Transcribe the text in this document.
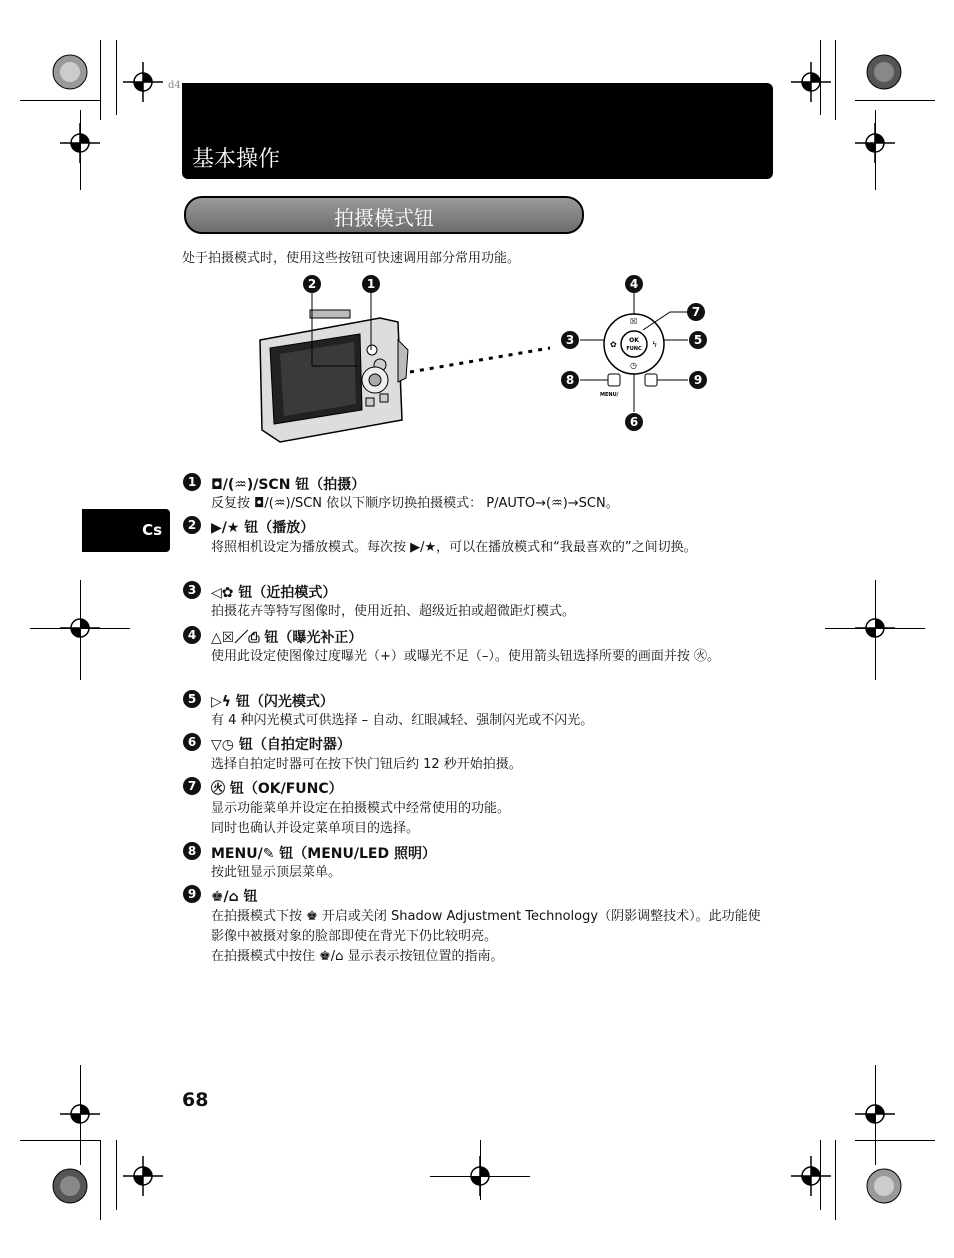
d4
基本操作
拍摄模式钮
处于拍摄模式时，使用这些按钮可快速调用部分常用功能。
OK
FUNC
☒
✿	ϟ
◷
MENU/
2	1	4
7
3	5
8	9
6
Cs
1	◘/(♒)/SCN 钮（拍摄）
反复按 ◘/(♒)/SCN 依以下顺序切换拍摄模式： P/AUTO→(♒)→SCN。
2	▶/★ 钮（播放）
将照相机设定为播放模式。每次按 ▶/★，可以在播放模式和“我最喜欢的”之间切换。
3	◁✿ 钮（近拍模式）
拍摄花卉等特写图像时，使用近拍、超级近拍或超微距灯模式。
4	△☒／⎙ 钮（曝光补正）
使用此设定使图像过度曝光（+）或曝光不足（–）。使用箭头钮选择所要的画面并按 ㊋。
5	▷ϟ 钮（闪光模式）
有 4 种闪光模式可供选择 – 自动、红眼减轻、强制闪光或不闪光。
6	▽◷ 钮（自拍定时器）
选择自拍定时器可在按下快门钮后约 12 秒开始拍摄。
7	㊋ 钮（OK/FUNC）
显示功能菜单并设定在拍摄模式中经常使用的功能。
同时也确认并设定菜单项目的选择。
8	MENU/✎ 钮（MENU/LED 照明）
按此钮显示顶层菜单。
9	♚/⌂ 钮
在拍摄模式下按 ♚ 开启或关闭 Shadow Adjustment Technology（阴影调整技术）。此功能使影像中被摄对象的脸部即使在背光下仍比较明亮。
在拍摄模式中按住 ♚/⌂ 显示表示按钮位置的指南。
68
